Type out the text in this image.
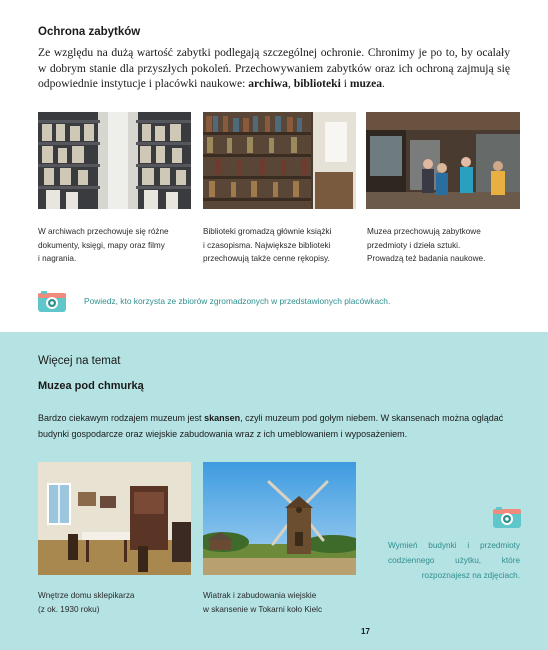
Ochrona zabytków

Ze względu na dużą wartość zabytki podlegają szczególnej ochronie. Chronimy je po to, by ocalały w dobrym stanie dla przyszłych pokoleń. Przechowywaniem zabytków oraz ich ochroną zajmują się odpowiednie instytucje i placówki naukowe: archiwa, biblioteki i muzea.

W archiwach przechowuje się różne
dokumenty, księgi, mapy oraz filmy
i nagrania.
Biblioteki gromadzą głównie książki
i czasopisma. Największe biblioteki
przechowują także cenne rękopisy.
Muzea przechowują zabytkowe
przedmioty i dzieła sztuki.
Prowadzą też badania naukowe.
Powiedz, kto korzysta ze zbiorów zgromadzonych w przedstawionych placówkach.
Więcej na temat
Muzea pod chmurką

Bardzo ciekawym rodzajem muzeum jest skansen, czyli muzeum pod gołym niebem. W skansenach można oglądać budynki gospodarcze oraz wiejskie zabudowania wraz z ich umeblowaniem i wyposażeniem.

Wnętrze domu sklepikarza
(z ok. 1930 roku)
Wiatrak i zabudowania wiejskie
w skansenie w Tokarni koło Kielc
Wymień budynki i przedmioty codziennego użytku, które rozpoznajesz na zdjęciach.
17
